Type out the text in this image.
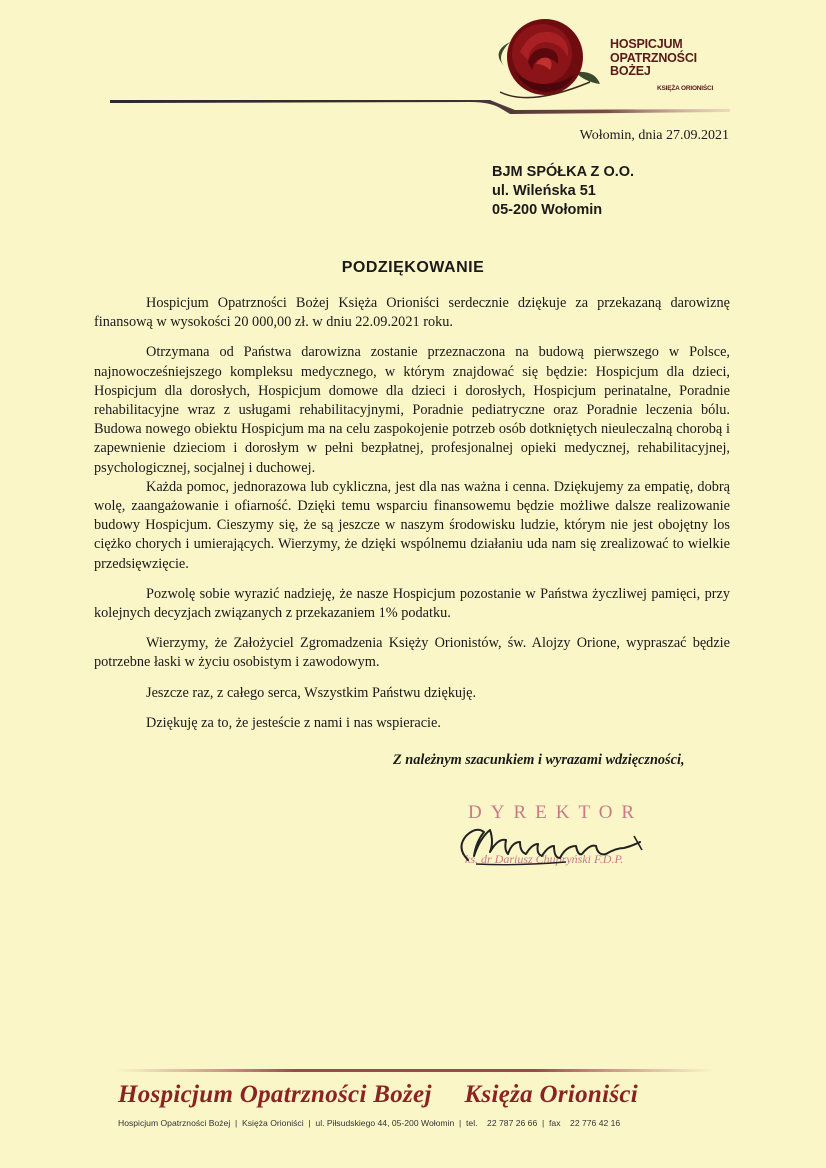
HOSPICJUM
OPATRZNOŚCI
BOŻEJ
KSIĘŻA ORIONIŚCI
Wołomin, dnia 27.09.2021
BJM SPÓŁKA Z O.O.
ul. Wileńska 51
05-200 Wołomin
PODZIĘKOWANIE

Hospicjum Opatrzności Bożej Księża Orioniści serdecznie dziękuje za przekazaną darowiznę finansową w wysokości 20 000,00 zł. w dniu 22.09.2021 roku.

Otrzymana od Państwa darowizna zostanie przeznaczona na budową pierwszego w Polsce, najnowocześniejszego kompleksu medycznego, w którym znajdować się będzie: Hospicjum dla dzieci, Hospicjum dla dorosłych, Hospicjum domowe dla dzieci i dorosłych, Hospicjum perinatalne, Poradnie rehabilitacyjne wraz z usługami rehabilitacyjnymi, Poradnie pediatryczne oraz Poradnie leczenia bólu. Budowa nowego obiektu Hospicjum ma na celu zaspokojenie potrzeb osób dotkniętych nieuleczalną chorobą i zapewnienie dzieciom i dorosłym w pełni bezpłatnej, profesjonalnej opieki medycznej, rehabilitacyjnej, psychologicznej, socjalnej i duchowej.

Każda pomoc, jednorazowa lub cykliczna, jest dla nas ważna i cenna. Dziękujemy za empatię, dobrą wolę, zaangażowanie i ofiarność. Dzięki temu wsparciu finansowemu będzie możliwe dalsze realizowanie budowy Hospicjum. Cieszymy się, że są jeszcze w naszym środowisku ludzie, którym nie jest obojętny los ciężko chorych i umierających. Wierzymy, że dzięki wspólnemu działaniu uda nam się zrealizować to wielkie przedsięwzięcie.

Pozwolę sobie wyrazić nadzieję, że nasze Hospicjum pozostanie w Państwa życzliwej pamięci, przy kolejnych decyzjach związanych z przekazaniem 1% podatku.

Wierzymy, że Założyciel Zgromadzenia Księży Orionistów, św. Alojzy Orione, wypraszać będzie potrzebne łaski w życiu osobistym i zawodowym.

Jeszcze raz, z całego serca, Wszystkim Państwu dziękuję.

Dziękuję za to, że jesteście z nami i nas wspieracie.

Z należnym szacunkiem i wyrazami wdzięczności,
DYREKTOR
ks. dr Dariusz Chupryński F.D.P.
Hospicjum Opatrzności Bożej     Księża Orioniści
Hospicjum Opatrzności Bożej  |  Księża Orioniści  |  ul. Piłsudskiego 44, 05-200 Wołomin  |  tel.    22 787 26 66  |  fax    22 776 42 16
